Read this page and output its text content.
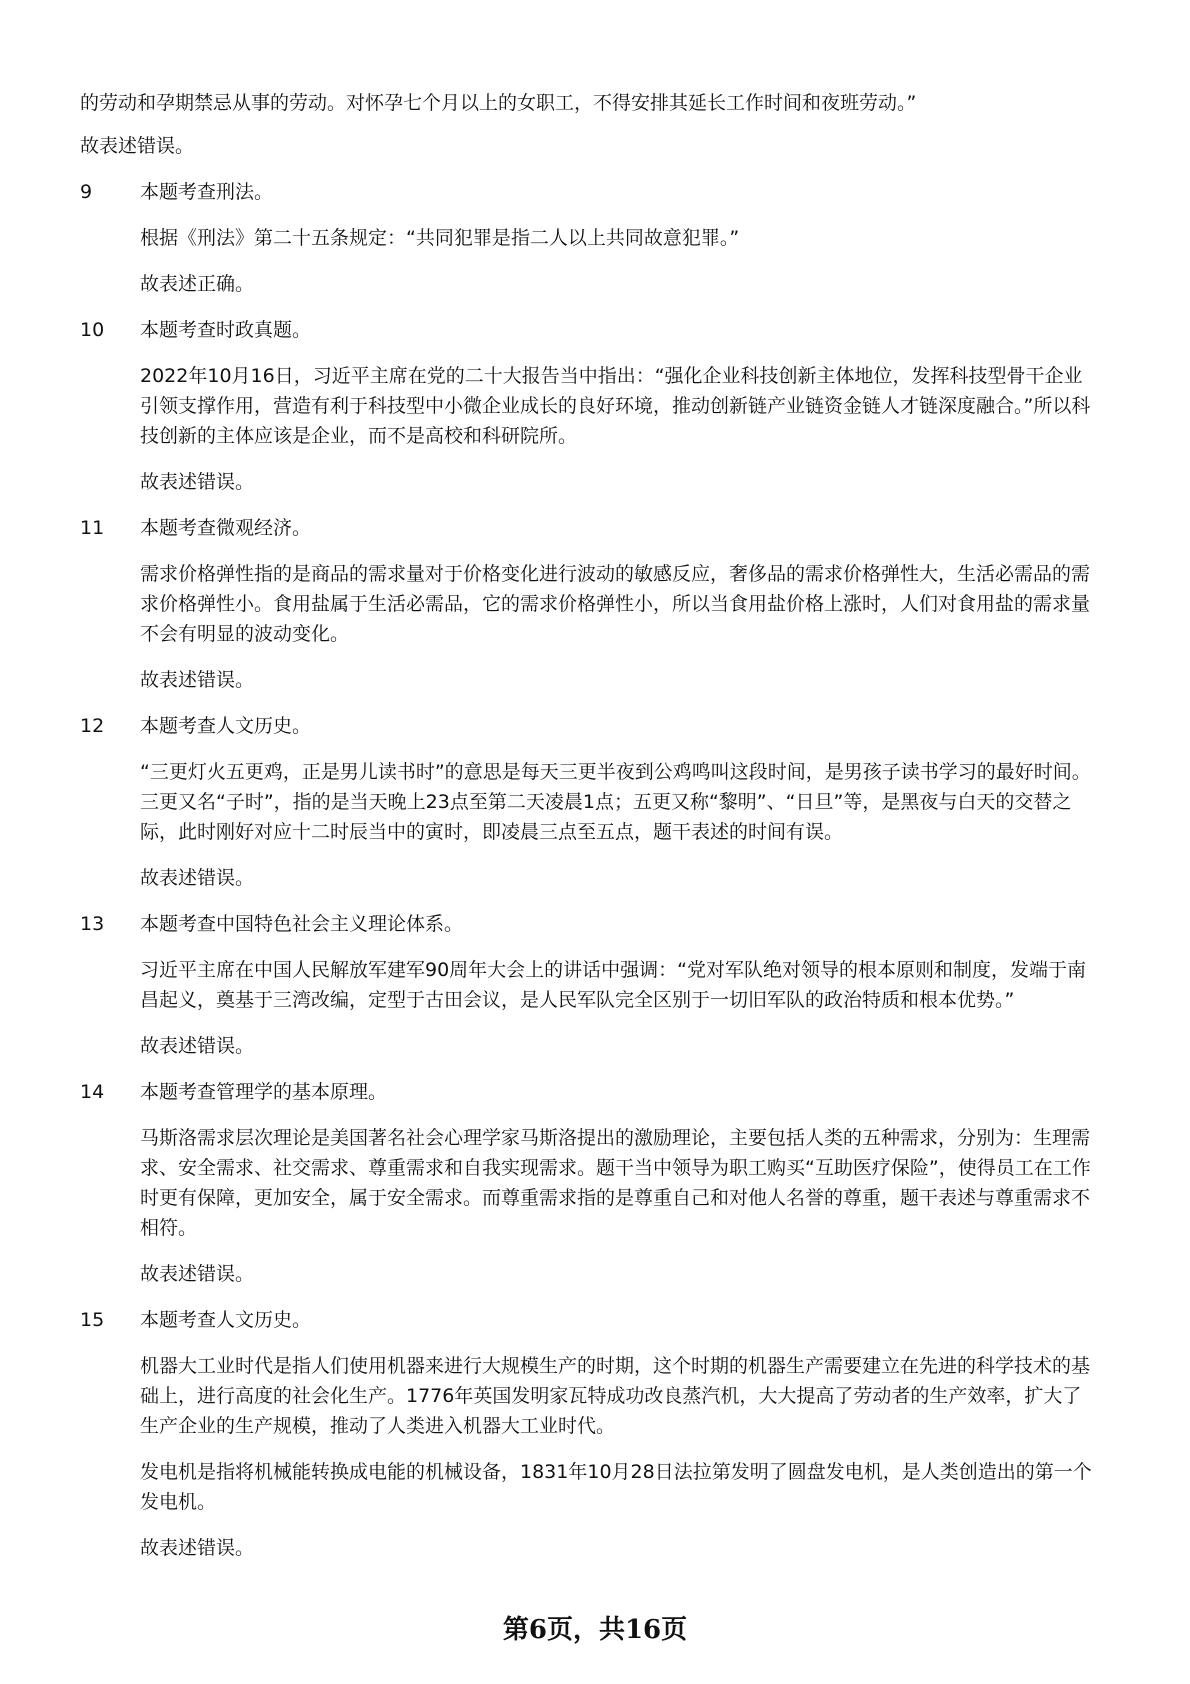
的劳动和孕期禁忌从事的劳动。对怀孕七个月以上的女职工，不得安排其延长工作时间和夜班劳动。”

故表述错误。

9	本题考查刑法。

根据《刑法》第二十五条规定：“共同犯罪是指二人以上共同故意犯罪。”

故表述正确。

10 本题考查时政真题。

2022年10月16日，习近平主席在党的二十大报告当中指出：“强化企业科技创新主体地位，发挥科技型骨干企业引领支撑作用，营造有利于科技型中小微企业成长的良好环境，推动创新链产业链资金链人才链深度融合。”所以科技创新的主体应该是企业，而不是高校和科研院所。

故表述错误。

11 本题考查微观经济。

需求价格弹性指的是商品的需求量对于价格变化进行波动的敏感反应，奢侈品的需求价格弹性大，生活必需品的需求价格弹性小。食用盐属于生活必需品，它的需求价格弹性小，所以当食用盐价格上涨时，人们对食用盐的需求量不会有明显的波动变化。

故表述错误。

12 本题考查人文历史。

“三更灯火五更鸡，正是男儿读书时”的意思是每天三更半夜到公鸡鸣叫这段时间，是男孩子读书学习的最好时间。三更又名“子时”，指的是当天晚上23点至第二天凌晨1点；五更又称“黎明”、“日旦”等，是黑夜与白天的交替之际，此时刚好对应十二时辰当中的寅时，即凌晨三点至五点，题干表述的时间有误。

故表述错误。

13 本题考查中国特色社会主义理论体系。

习近平主席在中国人民解放军建军90周年大会上的讲话中强调：“党对军队绝对领导的根本原则和制度，发端于南昌起义，奠基于三湾改编，定型于古田会议，是人民军队完全区别于一切旧军队的政治特质和根本优势。”

故表述错误。

14 本题考查管理学的基本原理。

马斯洛需求层次理论是美国著名社会心理学家马斯洛提出的激励理论，主要包括人类的五种需求，分别为：生理需求、安全需求、社交需求、尊重需求和自我实现需求。题干当中领导为职工购买“互助医疗保险”，使得员工在工作时更有保障，更加安全，属于安全需求。而尊重需求指的是尊重自己和对他人名誉的尊重，题干表述与尊重需求不相符。

故表述错误。

15 本题考查人文历史。

机器大工业时代是指人们使用机器来进行大规模生产的时期，这个时期的机器生产需要建立在先进的科学技术的基础上，进行高度的社会化生产。1776年英国发明家瓦特成功改良蒸汽机，大大提高了劳动者的生产效率，扩大了生产企业的生产规模，推动了人类进入机器大工业时代。

发电机是指将机械能转换成电能的机械设备，1831年10月28日法拉第发明了圆盘发电机，是人类创造出的第一个发电机。

故表述错误。

第6页，共16页
